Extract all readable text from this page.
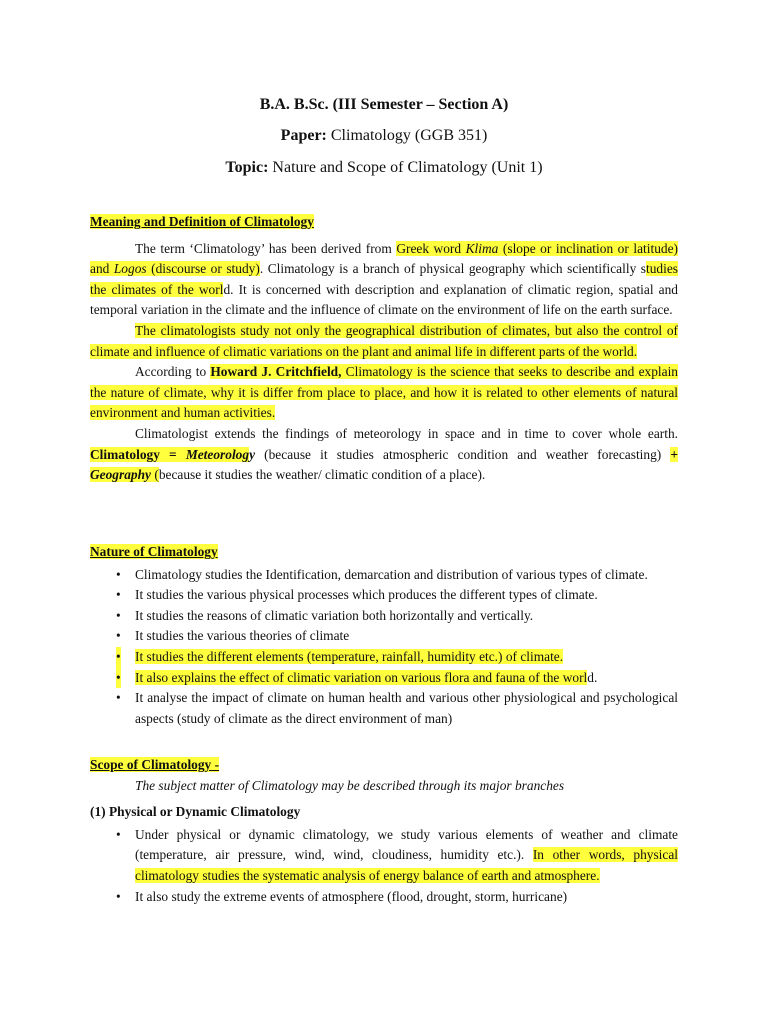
B.A. B.Sc. (III Semester – Section A)
Paper: Climatology (GGB 351)
Topic: Nature and Scope of Climatology (Unit 1)
Meaning and Definition of Climatology

The term ‘Climatology’ has been derived from Greek word Klima (slope or inclination or latitude) and Logos (discourse or study). Climatology is a branch of physical geography which scientifically studies the climates of the world. It is concerned with description and explanation of climatic region, spatial and temporal variation in the climate and the influence of climate on the environment of life on the earth surface.

The climatologists study not only the geographical distribution of climates, but also the control of climate and influence of climatic variations on the plant and animal life in different parts of the world.

According to Howard J. Critchfield, Climatology is the science that seeks to describe and explain the nature of climate, why it is differ from place to place, and how it is related to other elements of natural environment and human activities.

Climatologist extends the findings of meteorology in space and in time to cover whole earth. Climatology = Meteorology (because it studies atmospheric condition and weather forecasting) + Geography (because it studies the weather/ climatic condition of a place).

Nature of Climatology
• Climatology studies the Identification, demarcation and distribution of various types of climate.
• It studies the various physical processes which produces the different types of climate.
• It studies the reasons of climatic variation both horizontally and vertically.
• It studies the various theories of climate
• It studies the different elements (temperature, rainfall, humidity etc.) of climate.
• It also explains the effect of climatic variation on various flora and fauna of the world.
• It analyse the impact of climate on human health and various other physiological and psychological aspects (study of climate as the direct environment of man)
Scope of Climatology -
The subject matter of Climatology may be described through its major branches
(1) Physical or Dynamic Climatology
• Under physical or dynamic climatology, we study various elements of weather and climate (temperature, air pressure, wind, wind, cloudiness, humidity etc.). In other words, physical climatology studies the systematic analysis of energy balance of earth and atmosphere.
• It also study the extreme events of atmosphere (flood, drought, storm, hurricane)
